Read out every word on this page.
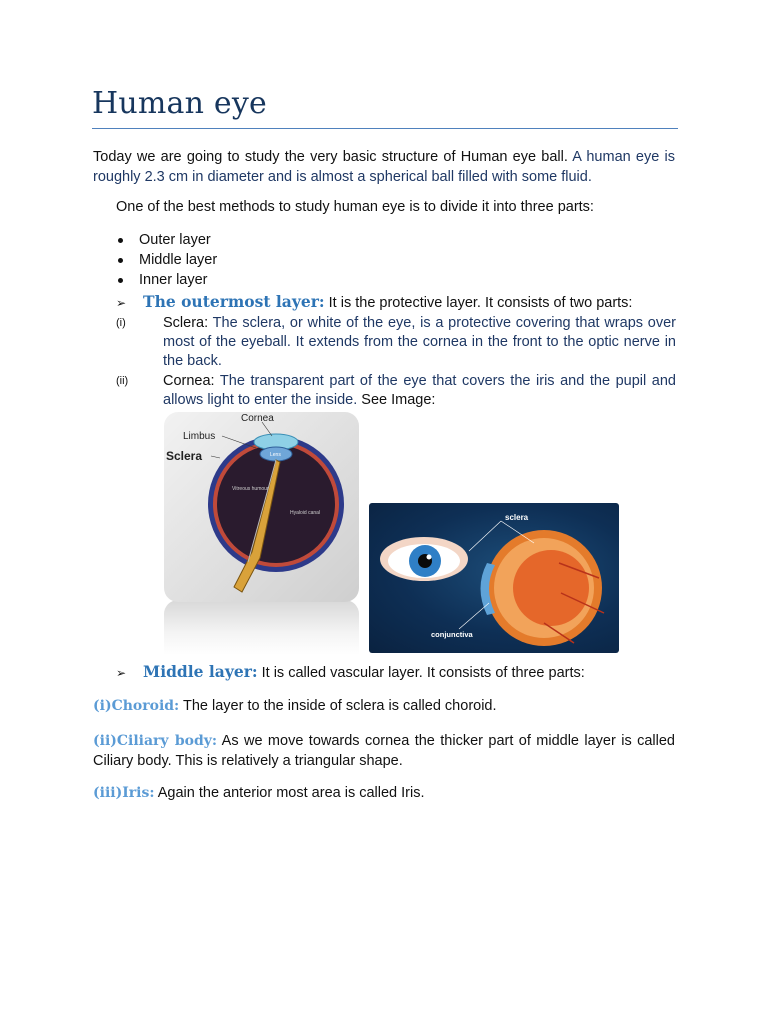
Human eye
Today we are going to study the very basic structure of Human eye ball. A human eye is roughly 2.3 cm in diameter and is almost a spherical ball filled with some fluid.
One of the best methods to study human eye is to divide it into three parts:
Outer layer
Middle layer
Inner layer
➢ The outermost layer: It is the protective layer. It consists of two parts:
(i)	Sclera: The sclera, or white of the eye, is a protective covering that wraps over most of the eyeball. It extends from the cornea in the front to the optic nerve in the back.
(ii) Cornea: The transparent part of the eye that covers the iris and the pupil and allows light to enter the inside. See Image:
Cornea
Limbus
Sclera	Lens
Vitreous humour
Hyaloid canal	sclera
conjunctiva
➢ Middle layer: It is called vascular layer. It consists of three parts:
(i)Choroid: The layer to the inside of sclera is called choroid.
(ii)Ciliary body: As we move towards cornea the thicker part of middle layer is called Ciliary body. This is relatively a triangular shape.
(iii)Iris: Again the anterior most area is called Iris.
